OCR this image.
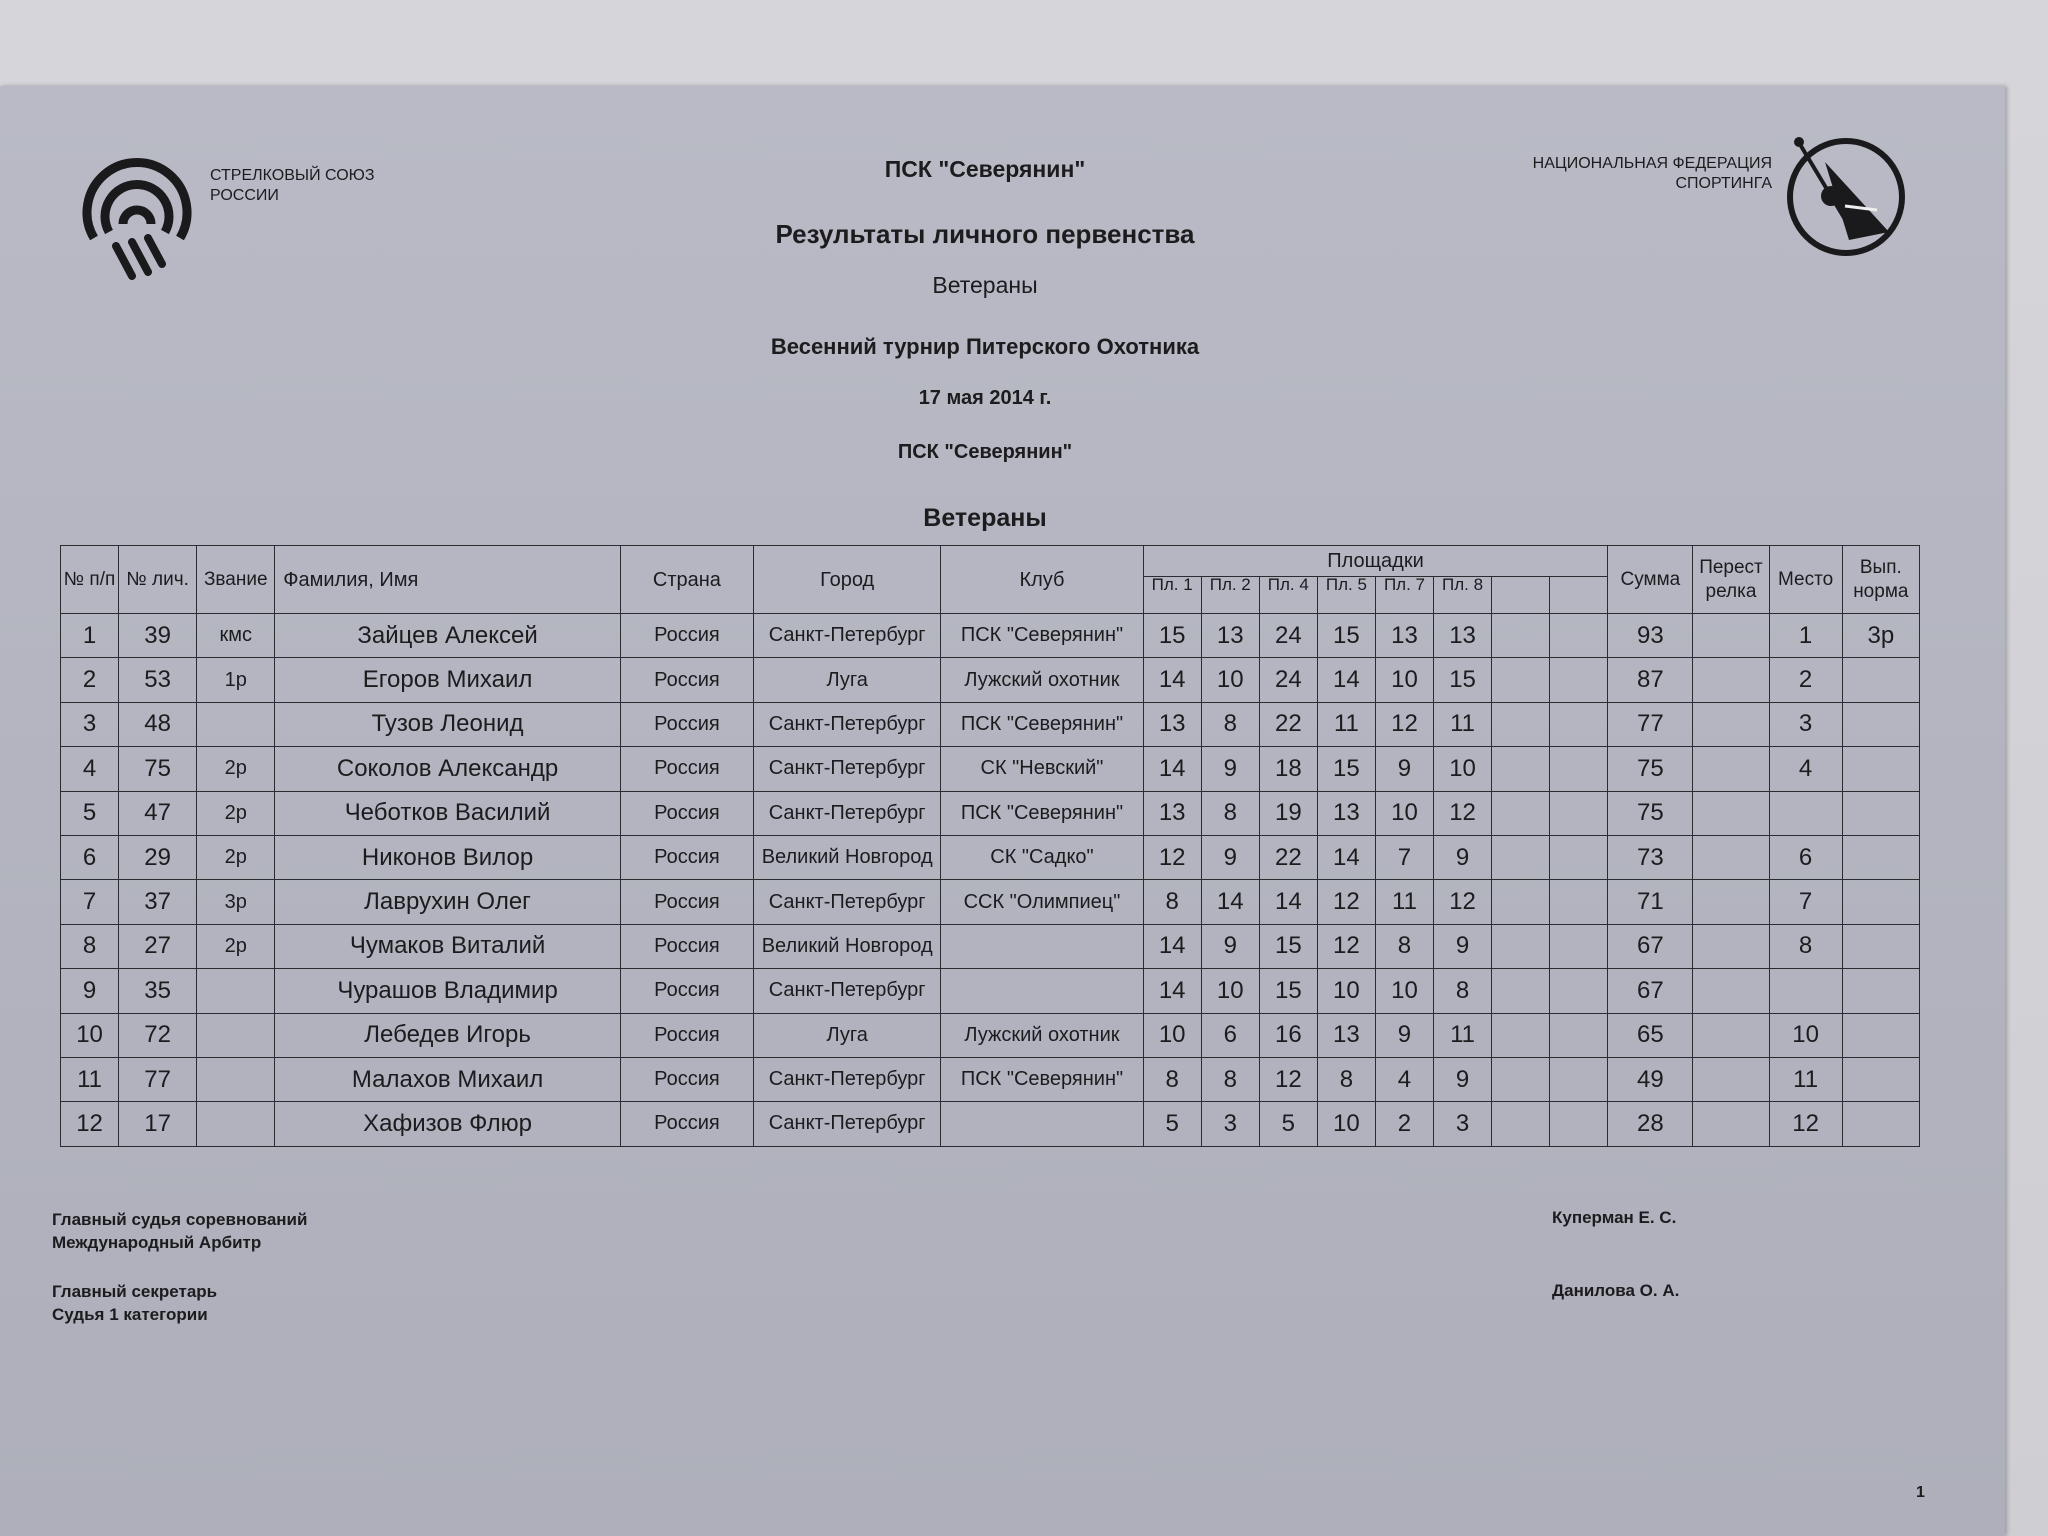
СТРЕЛКОВЫЙ СОЮЗ
РОССИИ
НАЦИОНАЛЬНАЯ ФЕДЕРАЦИЯ
СПОРТИНГА
ПСК "Северянин"
Результаты личного первенства
Ветераны
Весенний турнир Питерского Охотника
17 мая 2014 г.
ПСК "Северянин"
Ветераны
№ п/п	№ лич.	Звание	Фамилия, Имя	Страна	Город	Клуб	Площадки								Сумма	Перест релка	Место	Вып. норма
							Пл. 1	Пл. 2	Пл. 4	Пл. 5	Пл. 7	Пл. 8						
1	39	кмс	Зайцев Алексей	Россия	Санкт-Петербург	ПСК "Северянин"	15	13	24	15	13	13			93		1	3р
2	53	1р	Егоров Михаил	Россия	Луга	Лужский охотник	14	10	24	14	10	15			87		2	
3	48		Тузов Леонид	Россия	Санкт-Петербург	ПСК "Северянин"	13	8	22	11	12	11			77		3	
4	75	2р	Соколов Александр	Россия	Санкт-Петербург	СК "Невский"	14	9	18	15	9	10			75		4	
5	47	2р	Чеботков Василий	Россия	Санкт-Петербург	ПСК "Северянин"	13	8	19	13	10	12			75			
6	29	2р	Никонов Вилор	Россия	Великий Новгород	СК "Садко"	12	9	22	14	7	9			73		6	
7	37	3р	Лаврухин Олег	Россия	Санкт-Петербург	ССК "Олимпиец"	8	14	14	12	11	12			71		7	
8	27	2р	Чумаков Виталий	Россия	Великий Новгород		14	9	15	12	8	9			67		8	
9	35		Чурашов Владимир	Россия	Санкт-Петербург		14	10	15	10	10	8			67			
10	72		Лебедев Игорь	Россия	Луга	Лужский охотник	10	6	16	13	9	11			65		10	
11	77		Малахов Михаил	Россия	Санкт-Петербург	ПСК "Северянин"	8	8	12	8	4	9			49		11	
12	17		Хафизов Флюр	Россия	Санкт-Петербург		5	3	5	10	2	3			28		12	
Главный судья соревнований
Международный Арбитр
Куперман Е. С.
Главный секретарь
Судья 1 категории
Данилова О. А.
1
